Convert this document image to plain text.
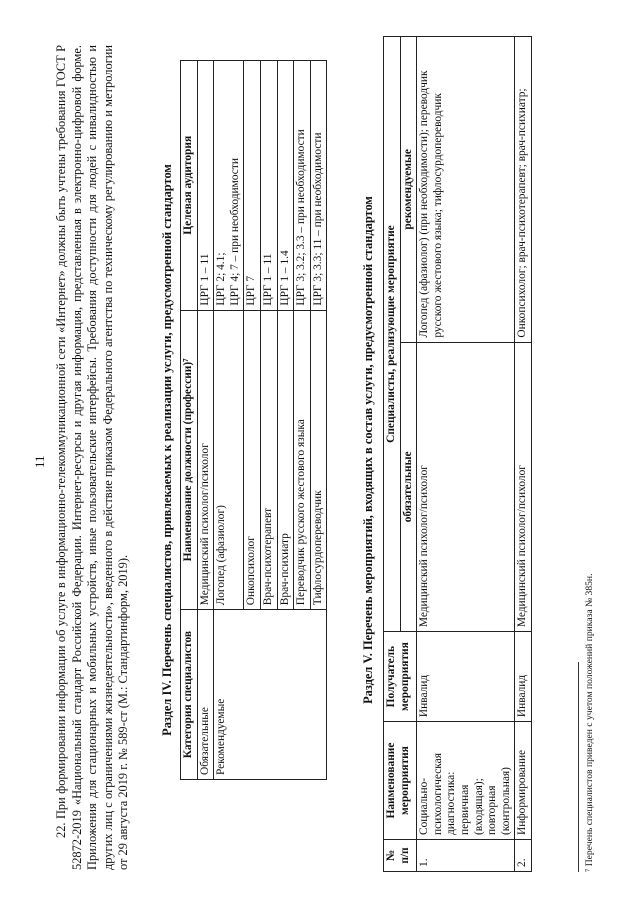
11 22. При формировании информации об услуге в информационно-телекоммуникационной сети «Интернет» должны быть учтены требования ГОСТ Р 52872-2019 «Национальный стандарт Российской Федерации. Интернет-ресурсы и другая информация, представленная в электронно-цифровой форме. Приложения для стационарных и мобильных устройств, иные пользовательские интерфейсы. Требования доступности для людей с инвалидностью и других лиц с ограничениями жизнедеятельности», введенного в действие приказом Федерального агентства по техническому регулированию и метрологии от 29 августа 2019 г. № 589-ст (М.: Стандартинформ, 2019). Раздел IV. Перечень специалистов, привлекаемых к реализации услуги, предусмотренной стандартом Категория специалистов	Наименование должности (профессии)⁷	Целевая аудитория
Обязательные	Медицинский психолог/психолог	ЦРГ 1 – 11
Рекомендуемые	Логопед (афазиолог)	ЦРГ 2; 4.1;
ЦРГ 4; 7 – при необходимости
	Онкопсихолог	ЦРГ 7
	Врач-психотерапевт	ЦРГ 1 – 11
	Врач-психиатр	ЦРГ 1 – 1.4
	Переводчик русского жестового языка	ЦРГ 3; 3.2; 3.3 – при необходимости
	Тифлосурдопереводчик	ЦРГ 3; 3.3; 11 – при необходимости	Раздел V. Перечень мероприятий, входящих в состав услуги, предусмотренной стандартом
№ п/п	Наименование мероприятия	Получатель мероприятия	Специалисты, реализующие мероприятие	
			обязательные	рекомендуемые
1.	Социально-психологическая диагностика: первичная (входящая); повторная (контрольная)	Инвалид	Медицинский психолог/психолог	Логопед (афазиолог) (при необходимости); переводчик русского жестового языка; тифлосурдопереводчик
2.	Информирование	Инвалид	Медицинский психолог/психолог	Онкопсихолог; врач-психотерапевт; врач-психиатр;
⁷ Перечень специалистов приведен с учетом положений приказа № 385н.
